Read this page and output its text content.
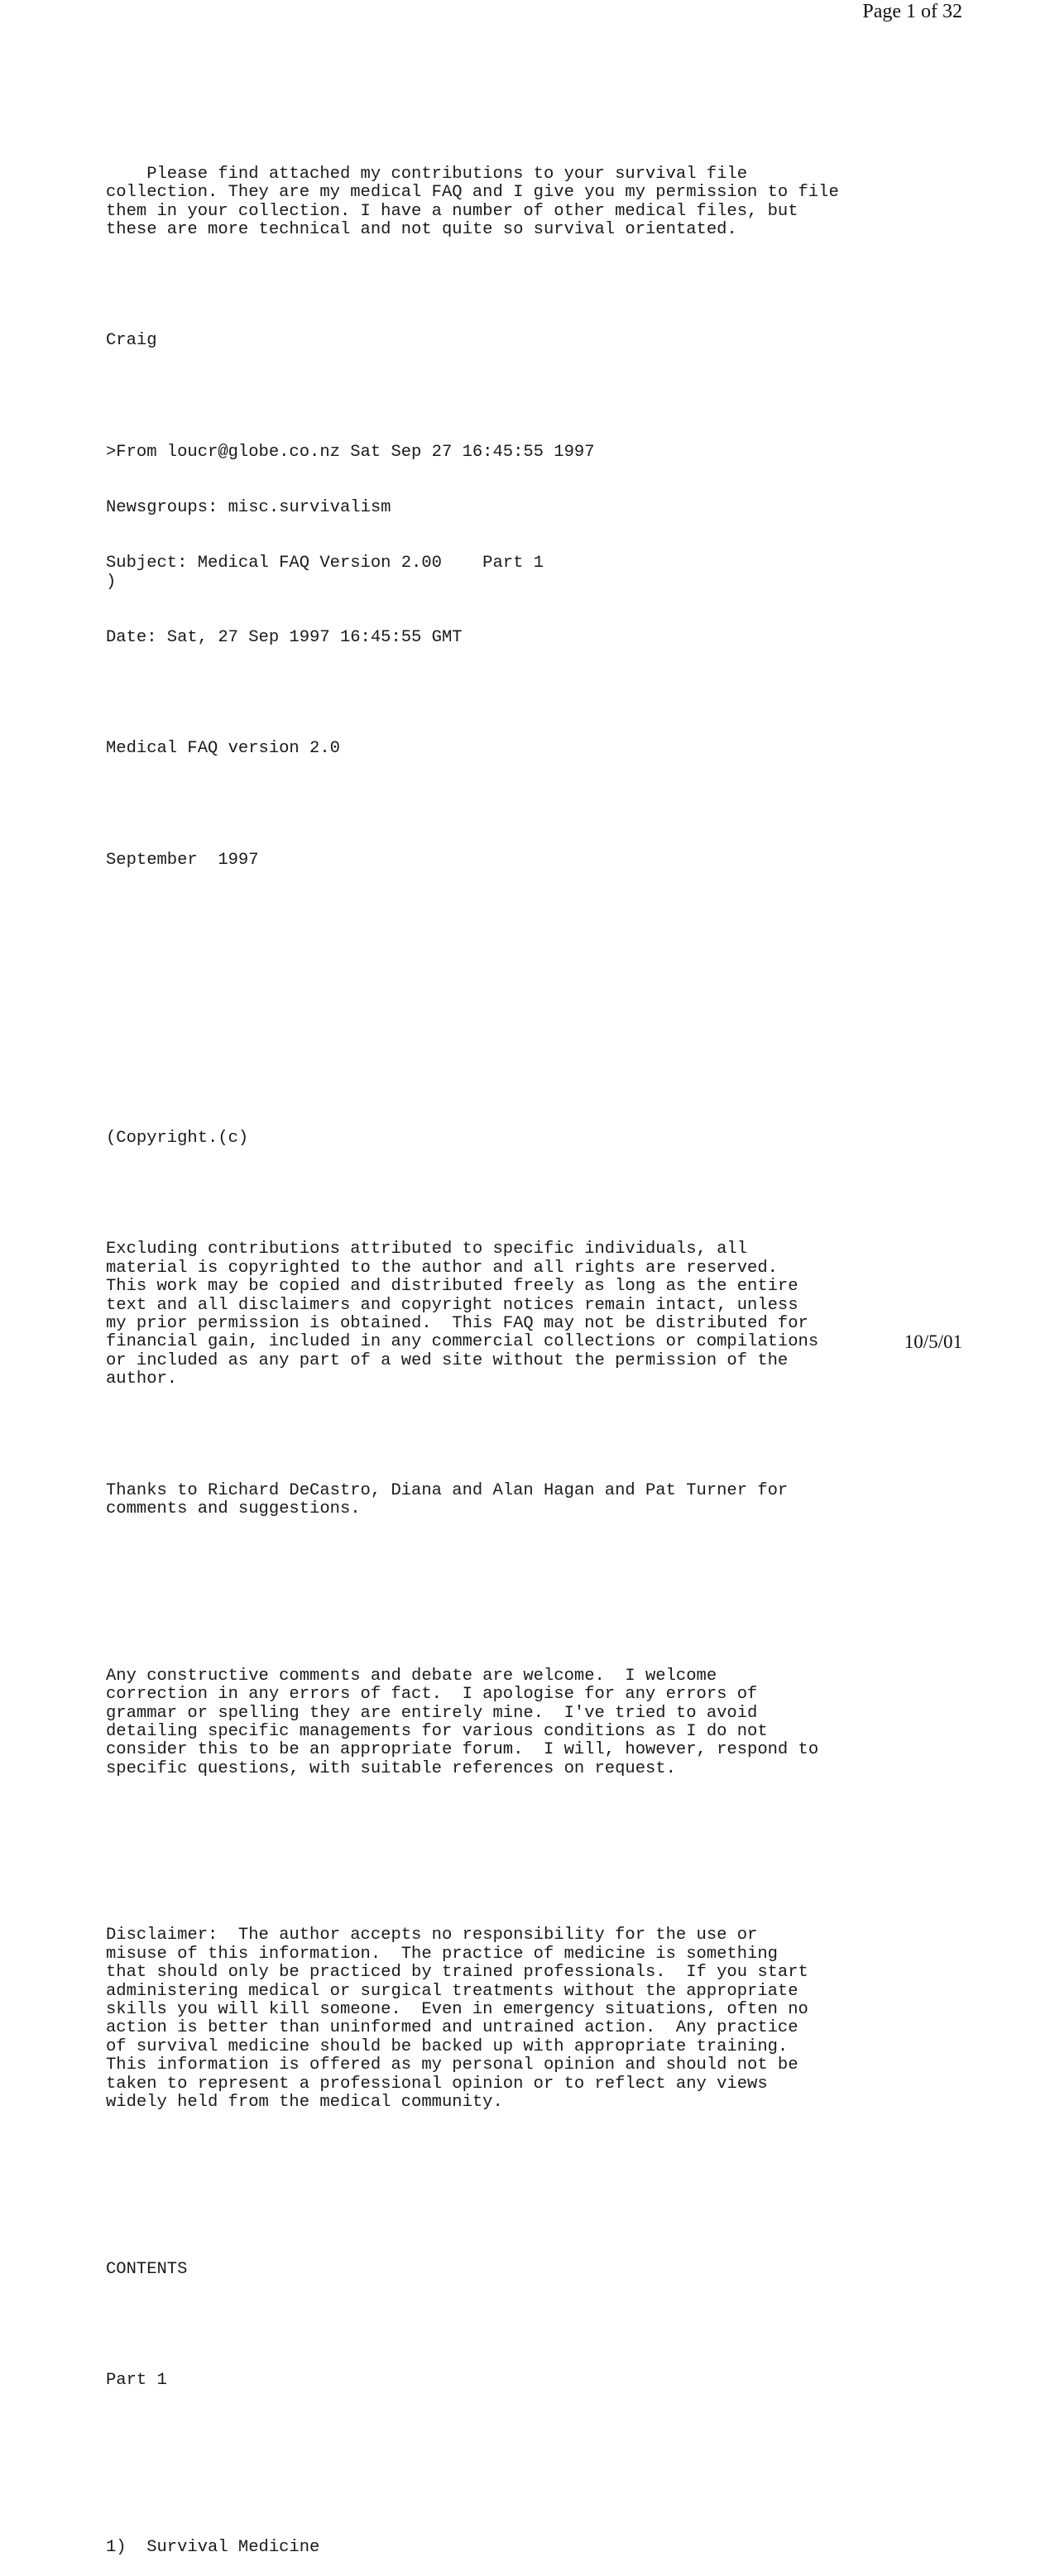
Page 1 of 32

Please find attached my contributions to your survival file
collection. They are my medical FAQ and I give you my permission to file
them in your collection. I have a number of other medical files, but
these are more technical and not quite so survival orientated.

Craig

>From loucr@globe.co.nz Sat Sep 27 16:45:55 1997

Newsgroups: misc.survivalism

Subject: Medical FAQ Version 2.00    Part 1
)

Date: Sat, 27 Sep 1997 16:45:55 GMT

Medical FAQ version 2.0

September  1997

(Copyright.(c)

Excluding contributions attributed to specific individuals, all
material is copyrighted to the author and all rights are reserved.
This work may be copied and distributed freely as long as the entire
text and all disclaimers and copyright notices remain intact, unless
my prior permission is obtained.  This FAQ may not be distributed for
financial gain, included in any commercial collections or compilations
or included as any part of a wed site without the permission of the
author.

Thanks to Richard DeCastro, Diana and Alan Hagan and Pat Turner for
comments and suggestions.

Any constructive comments and debate are welcome.  I welcome
correction in any errors of fact.  I apologise for any errors of
grammar or spelling they are entirely mine.  I've tried to avoid
detailing specific managements for various conditions as I do not
consider this to be an appropriate forum.  I will, however, respond to
specific questions, with suitable references on request.

Disclaimer:  The author accepts no responsibility for the use or
misuse of this information.  The practice of medicine is something
that should only be practiced by trained professionals.  If you start
administering medical or surgical treatments without the appropriate
skills you will kill someone.  Even in emergency situations, often no
action is better than uninformed and untrained action.  Any practice
of survival medicine should be backed up with appropriate training.
This information is offered as my personal opinion and should not be
taken to represent a professional opinion or to reflect any views
widely held from the medical community.

CONTENTS

Part 1

1)  Survival Medicine

10/5/01
